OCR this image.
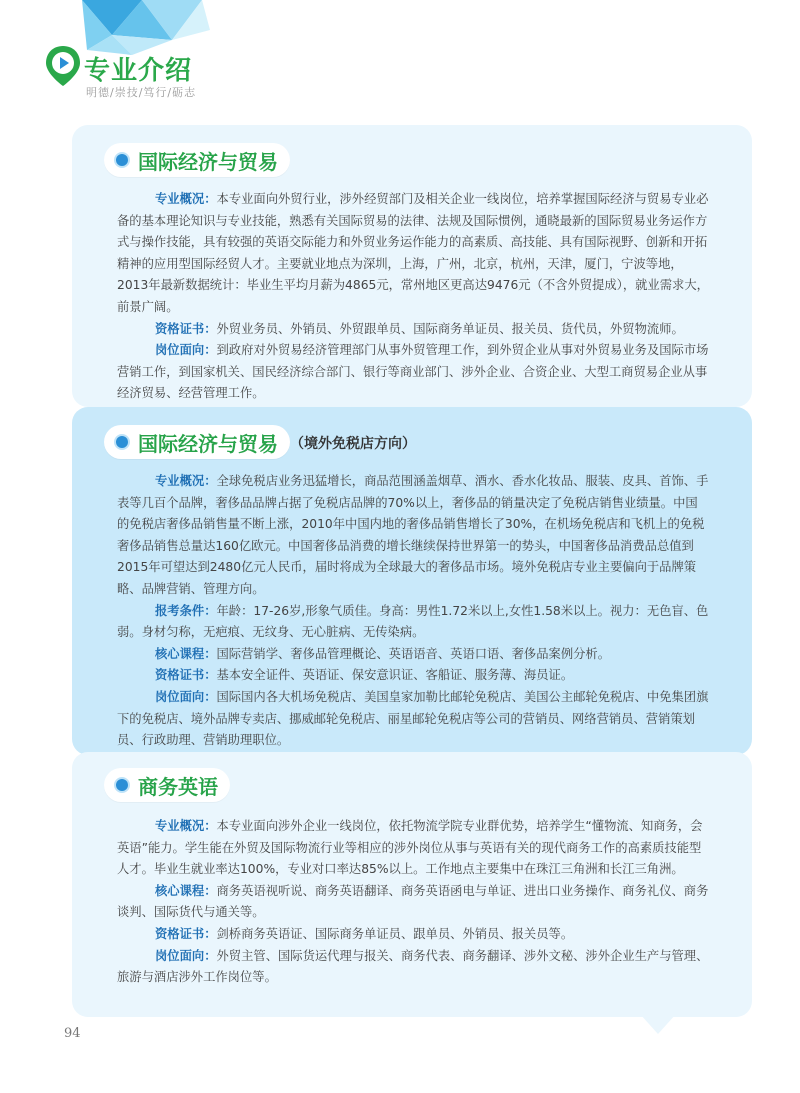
专业介绍
明德/崇技/笃行/砺志
国际经济与贸易

专业概况：本专业面向外贸行业，涉外经贸部门及相关企业一线岗位，培养掌握国际经济与贸易专业必备的基本理论知识与专业技能，熟悉有关国际贸易的法律、法规及国际惯例，通晓最新的国际贸易业务运作方式与操作技能，具有较强的英语交际能力和外贸业务运作能力的高素质、高技能、具有国际视野、创新和开拓精神的应用型国际经贸人才。主要就业地点为深圳，上海，广州，北京，杭州，天津，厦门，宁波等地，2013年最新数据统计：毕业生平均月薪为4865元，常州地区更高达9476元（不含外贸提成），就业需求大，前景广阔。

资格证书：外贸业务员、外销员、外贸跟单员、国际商务单证员、报关员、货代员，外贸物流师。

岗位面向：到政府对外贸易经济管理部门从事外贸管理工作，到外贸企业从事对外贸易业务及国际市场营销工作，到国家机关、国民经济综合部门、银行等商业部门、涉外企业、合资企业、大型工商贸易企业从事经济贸易、经营管理工作。

国际经济与贸易 （境外免税店方向）

专业概况：全球免税店业务迅猛增长，商品范围涵盖烟草、酒水、香水化妆品、服装、皮具、首饰、手表等几百个品牌，奢侈品品牌占据了免税店品牌的70%以上，奢侈品的销量决定了免税店销售业绩量。中国的免税店奢侈品销售量不断上涨，2010年中国内地的奢侈品销售增长了30%，在机场免税店和飞机上的免税奢侈品销售总量达160亿欧元。中国奢侈品消费的增长继续保持世界第一的势头，中国奢侈品消费品总值到2015年可望达到2480亿元人民币，届时将成为全球最大的奢侈品市场。境外免税店专业主要偏向于品牌策略、品牌营销、管理方向。

报考条件：年龄：17-26岁,形象气质佳。身高：男性1.72米以上,女性1.58米以上。视力：无色盲、色弱。身材匀称，无疤痕、无纹身、无心脏病、无传染病。

核心课程：国际营销学、奢侈品管理概论、英语语音、英语口语、奢侈品案例分析。

资格证书：基本安全证件、英语证、保安意识证、客船证、服务薄、海员证。

岗位面向：国际国内各大机场免税店、美国皇家加勒比邮轮免税店、美国公主邮轮免税店、中免集团旗下的免税店、境外品牌专卖店、挪威邮轮免税店、丽星邮轮免税店等公司的营销员、网络营销员、营销策划员、行政助理、营销助理职位。

商务英语

专业概况：本专业面向涉外企业一线岗位，依托物流学院专业群优势，培养学生“懂物流、知商务，会英语”能力。学生能在外贸及国际物流行业等相应的涉外岗位从事与英语有关的现代商务工作的高素质技能型人才。毕业生就业率达100%，专业对口率达85%以上。工作地点主要集中在珠江三角洲和长江三角洲。

核心课程：商务英语视听说、商务英语翻译、商务英语函电与单证、进出口业务操作、商务礼仪、商务谈判、国际货代与通关等。

资格证书：剑桥商务英语证、国际商务单证员、跟单员、外销员、报关员等。

岗位面向：外贸主管、国际货运代理与报关、商务代表、商务翻译、涉外文秘、涉外企业生产与管理、旅游与酒店涉外工作岗位等。

94
